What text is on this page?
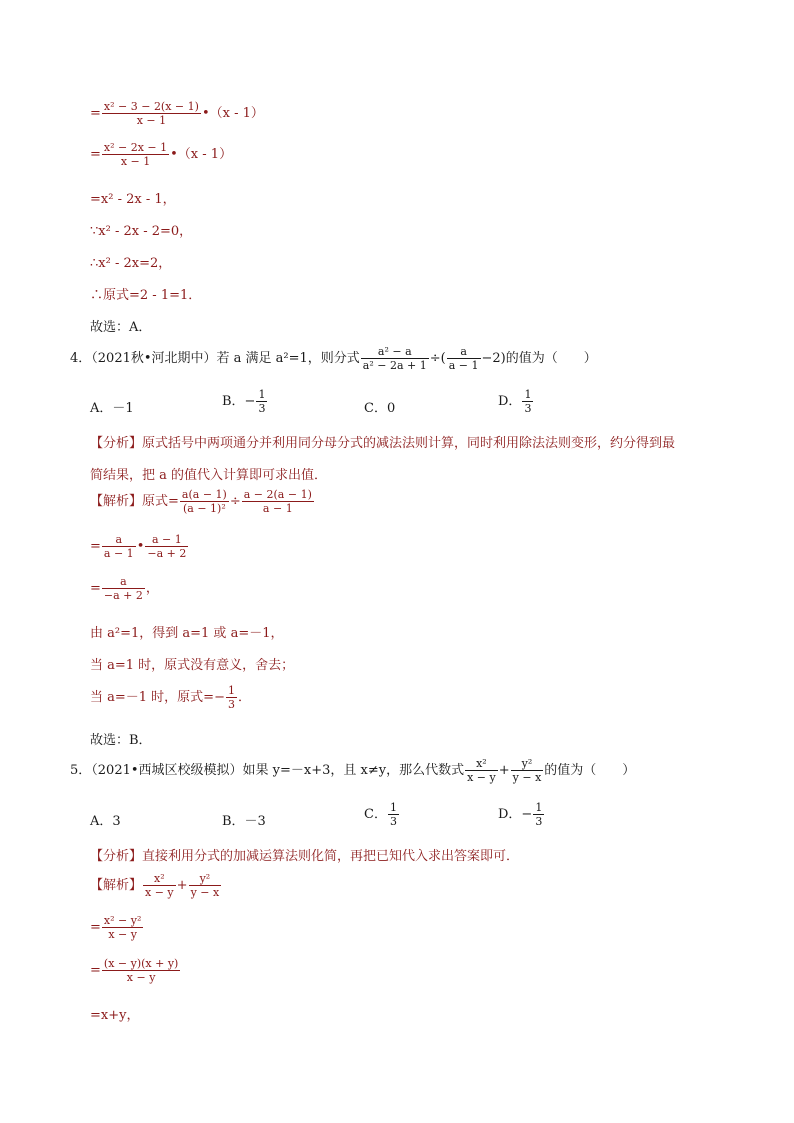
= $\frac{\text{x² − 3 − 2(x − 1)}}{x - 1}$ •（x - 1）
= $\frac{\text{x² − 2x − 1}}{x - 1}$ •（x - 1）
=x² - 2x - 1，
∵x² - 2x - 2=0，
∴x² - 2x=2，
∴原式=2 - 1=1．
故选：A．
4．（2021秋•河北期中）若 a 满足 a²=1，则分式 $\frac{\text{a² − a}}{\text{a² − 2a + 1}}$ ÷( $\frac{a}{a - 1} -2$)的值为（　　）
A．－1	B．− $\frac{1}{3}$	C．0	D． $\frac{1}{3}$
【分析】原式括号中两项通分并利用同分母分式的减法法则计算，同时利用除法法则变形，约分得到最
简结果，把 a 的值代入计算即可求出值．
【解析】原式= $\frac{a(a - 1)}{\text{(a − 1)²}} \div \frac{a - 2(a - 1)}{a - 1}$
= $\frac{a}{a - 1}$ • $\frac{a - 1}{-a + 2}$
= $\frac{a}{-a + 2}$ ，
由 a²=1，得到 a=1 或 a=－1，
当 a=1 时，原式没有意义，舍去；
当 a=－1 时，原式=− $\frac{1}{3}$ ．
故选：B．
5．（2021•西城区校级模拟）如果 y=－x+3，且 x≠y，那么代数式 $\frac{\text{x²}}{x - y} + \frac{\text{y²}}{y - x}$ 的值为（　　）
A．3	B．－3	C． $\frac{1}{3}$	D．− $\frac{1}{3}$
【分析】直接利用分式的加减运算法则化简，再把已知代入求出答案即可．
【解析】 $\frac{\text{x²}}{x - y} + \frac{\text{y²}}{y - x}$
= $\frac{\text{x² − y²}}{x - y}$
= $\frac{(x - y)(x + y)}{x - y}$
=x+y，
